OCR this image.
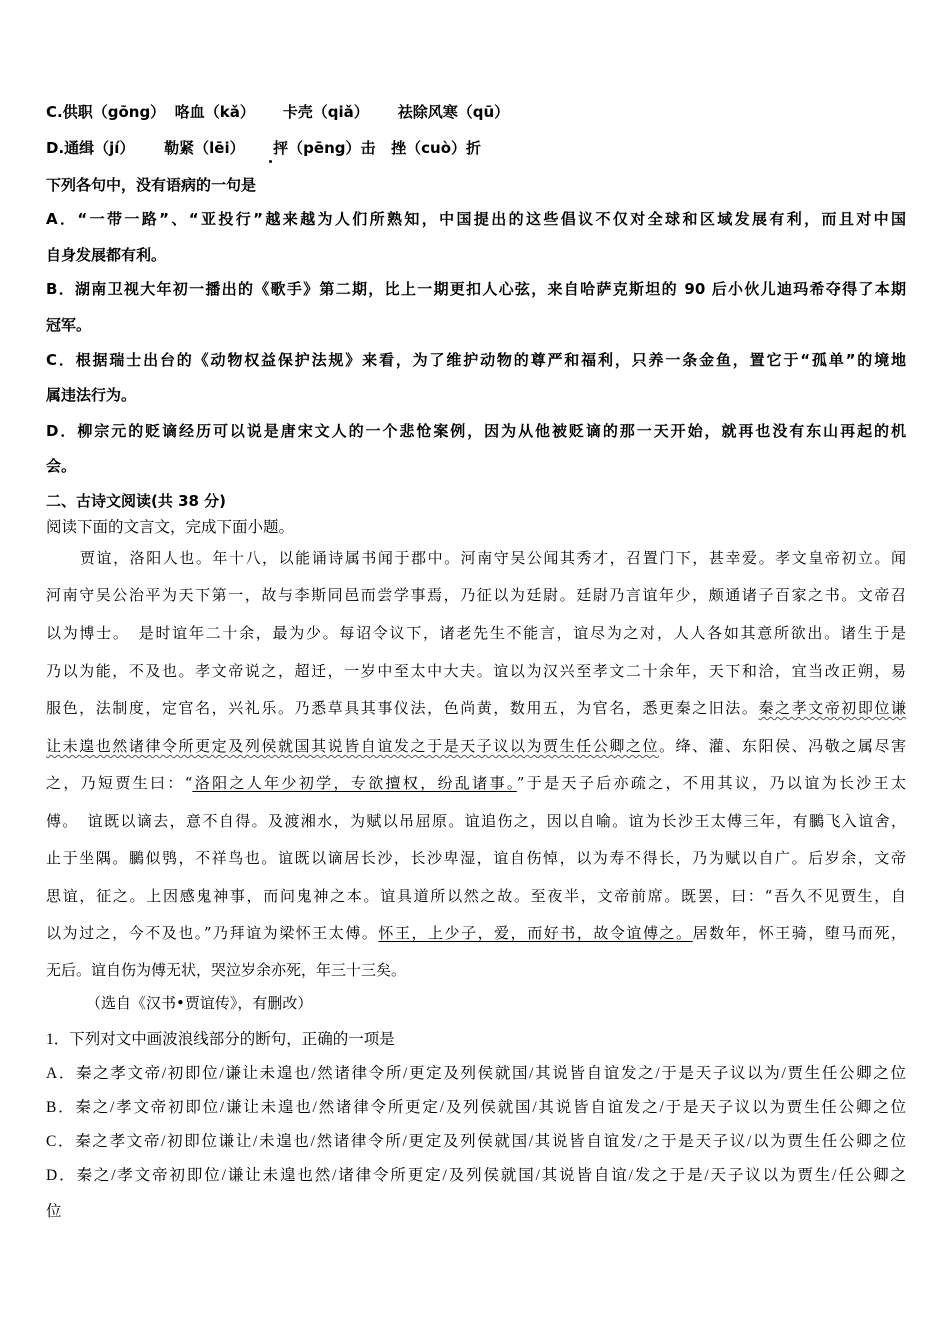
C.供职（gōng） 咯血（kǎ） 卡壳（qiǎ） 祛除风寒（qū）
D.通缉（jí） 勒紧（lēi） 抨（pēng）击 挫（cuò）折
下列各句中，没有语病的一句是
A．“一带一路”、“亚投行”越来越为人们所熟知，中国提出的这些倡议不仅对全球和区域发展有利，而且对中国
自身发展都有利。
B．湖南卫视大年初一播出的《歌手》第二期，比上一期更扣人心弦，来自哈萨克斯坦的 90 后小伙儿迪玛希夺得了本期
冠军。
C．根据瑞士出台的《动物权益保护法规》来看，为了维护动物的尊严和福利，只养一条金鱼，置它于“孤单”的境地
属违法行为。
D．柳宗元的贬谪经历可以说是唐宋文人的一个悲怆案例，因为从他被贬谪的那一天开始，就再也没有东山再起的机
会。
二、古诗文阅读(共 38 分)
阅读下面的文言文，完成下面小题。
贾谊，洛阳人也。年十八，以能诵诗属书闻于郡中。河南守吴公闻其秀才，召置门下，甚幸爱。孝文皇帝初立。闻
河南守吴公治平为天下第一，故与李斯同邑而尝学事焉，乃征以为廷尉。廷尉乃言谊年少，颇通诸子百家之书。文帝召
以为博士。　是时谊年二十余，最为少。每诏令议下，诸老先生不能言，谊尽为之对，人人各如其意所欲出。诸生于是
乃以为能，不及也。孝文帝说之，超迁，一岁中至太中大夫。谊以为汉兴至孝文二十余年，天下和洽，宜当改正朔，易
服色，法制度，定官名，兴礼乐。乃悉草具其事仪法，色尚黄，数用五，为官名，悉更秦之旧法。秦之孝文帝初即位谦
让未遑也然诸律令所更定及列侯就国其说皆自谊发之于是天子议以为贾生任公卿之位。绛、灌、东阳侯、冯敬之属尽害
之，乃短贾生曰：“洛阳之人年少初学，专欲擅权，纷乱诸事。”于是天子后亦疏之，不用其议，乃以谊为长沙王太
傅。　谊既以谪去，意不自得。及渡湘水，为赋以吊屈原。谊追伤之，因以自喻。谊为长沙王太傅三年，有鵩飞入谊舍，
止于坐隅。鵩似鸮，不祥鸟也。谊既以谪居长沙，长沙卑湿，谊自伤悼，以为寿不得长，乃为赋以自广。后岁余，文帝
思谊，征之。上因感鬼神事，而问鬼神之本。谊具道所以然之故。至夜半，文帝前席。既罢，曰：“吾久不见贾生，自
以为过之，今不及也。”乃拜谊为梁怀王太傅。怀王，上少子，爱，而好书，故令谊傅之。居数年，怀王骑，堕马而死，
无后。谊自伤为傅无状，哭泣岁余亦死，年三十三矣。
（选自《汉书•贾谊传》，有删改）
1．下列对文中画波浪线部分的断句，正确的一项是
A．秦之孝文帝/初即位/谦让未遑也/然诸律令所/更定及列侯就国/其说皆自谊发之/于是天子议以为/贾生任公卿之位
B．秦之/孝文帝初即位/谦让未遑也/然诸律令所更定/及列侯就国/其说皆自谊发之/于是天子议以为贾生任公卿之位
C．秦之孝文帝/初即位谦让/未遑也/然诸律令所/更定及列侯就国/其说皆自谊发/之于是天子议/以为贾生任公卿之位
D．秦之/孝文帝初即位/谦让未遑也然/诸律令所更定/及列侯就国/其说皆自谊/发之于是/天子议以为贾生/任公卿之
位
